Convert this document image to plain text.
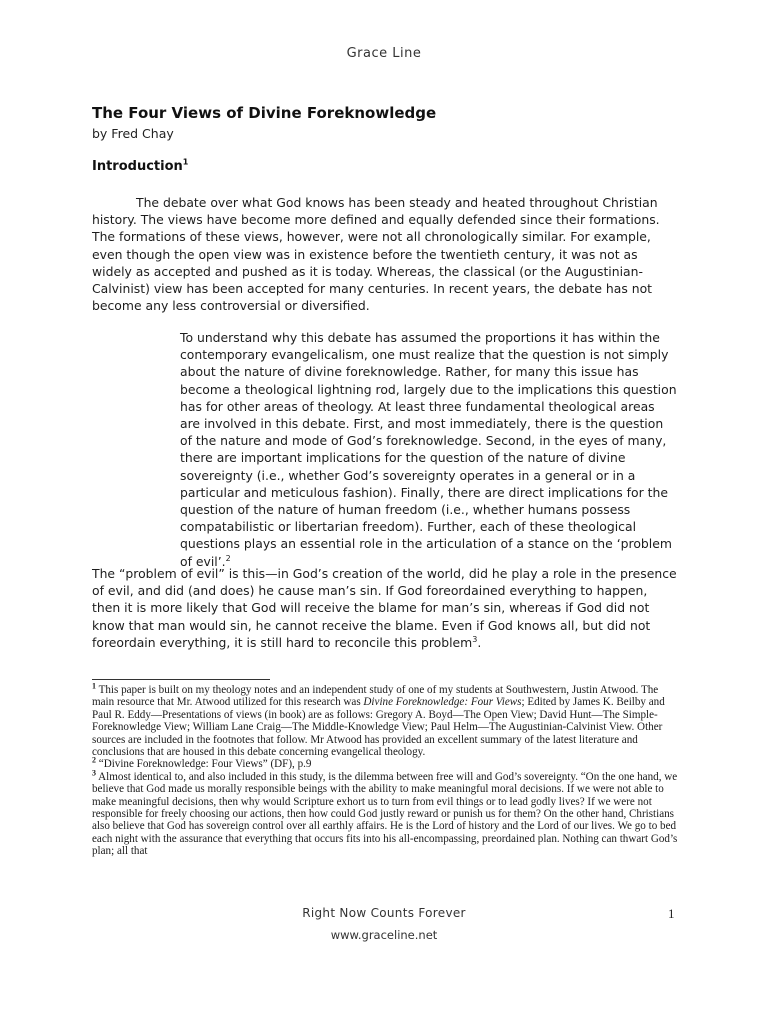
Grace Line
The Four Views of Divine Foreknowledge
by Fred Chay
Introduction$^1$
The debate over what God knows has been steady and heated throughout Christian history. The views have become more defined and equally defended since their formations. The formations of these views, however, were not all chronologically similar. For example, even though the open view was in existence before the twentieth century, it was not as widely as accepted and pushed as it is today. Whereas, the classical (or the Augustinian-Calvinist) view has been accepted for many centuries. In recent years, the debate has not become any less controversial or diversified.
To understand why this debate has assumed the proportions it has within the contemporary evangelicalism, one must realize that the question is not simply about the nature of divine foreknowledge. Rather, for many this issue has become a theological lightning rod, largely due to the implications this question has for other areas of theology. At least three fundamental theological areas are involved in this debate. First, and most immediately, there is the question of the nature and mode of God’s foreknowledge. Second, in the eyes of many, there are important implications for the question of the nature of divine sovereignty (i.e., whether God’s sovereignty operates in a general or in a particular and meticulous fashion). Finally, there are direct implications for the question of the nature of human freedom (i.e., whether humans possess compatabilistic or libertarian freedom). Further, each of these theological questions plays an essential role in the articulation of a stance on the ‘problem of evil’.$^2$
The “problem of evil” is this—in God’s creation of the world, did he play a role in the presence of evil, and did (and does) he cause man’s sin. If God foreordained everything to happen, then it is more likely that God will receive the blame for man’s sin, whereas if God did not know that man would sin, he cannot receive the blame. Even if God knows all, but did not foreordain everything, it is still hard to reconcile this problem$^3$.

$^1$ This paper is built on my theology notes and an independent study of one of my students at Southwestern, Justin Atwood. The main resource that Mr. Atwood utilized for this research was Divine Foreknowledge: Four Views; Edited by James K. Beilby and Paul R. Eddy—Presentations of views (in book) are as follows: Gregory A. Boyd—The Open View; David Hunt—The Simple-Foreknowledge View; William Lane Craig—The Middle-Knowledge View; Paul Helm—The Augustinian-Calvinist View. Other sources are included in the footnotes that follow. Mr Atwood has provided an excellent summary of the latest literature and conclusions that are housed in this debate concerning evangelical theology.

$^2$ “Divine Foreknowledge: Four Views” (DF), p.9

$^3$ Almost identical to, and also included in this study, is the dilemma between free will and God’s sovereignty. “On the one hand, we believe that God made us morally responsible beings with the ability to make meaningful moral decisions. If we were not able to make meaningful decisions, then why would Scripture exhort us to turn from evil things or to lead godly lives? If we were not responsible for freely choosing our actions, then how could God justly reward or punish us for them? On the other hand, Christians also believe that God has sovereign control over all earthly affairs. He is the Lord of history and the Lord of our lives. We go to bed each night with the assurance that everything that occurs fits into his all-encompassing, preordained plan. Nothing can thwart God’s plan; all that

Right Now Counts Forever	1
www.graceline.net
